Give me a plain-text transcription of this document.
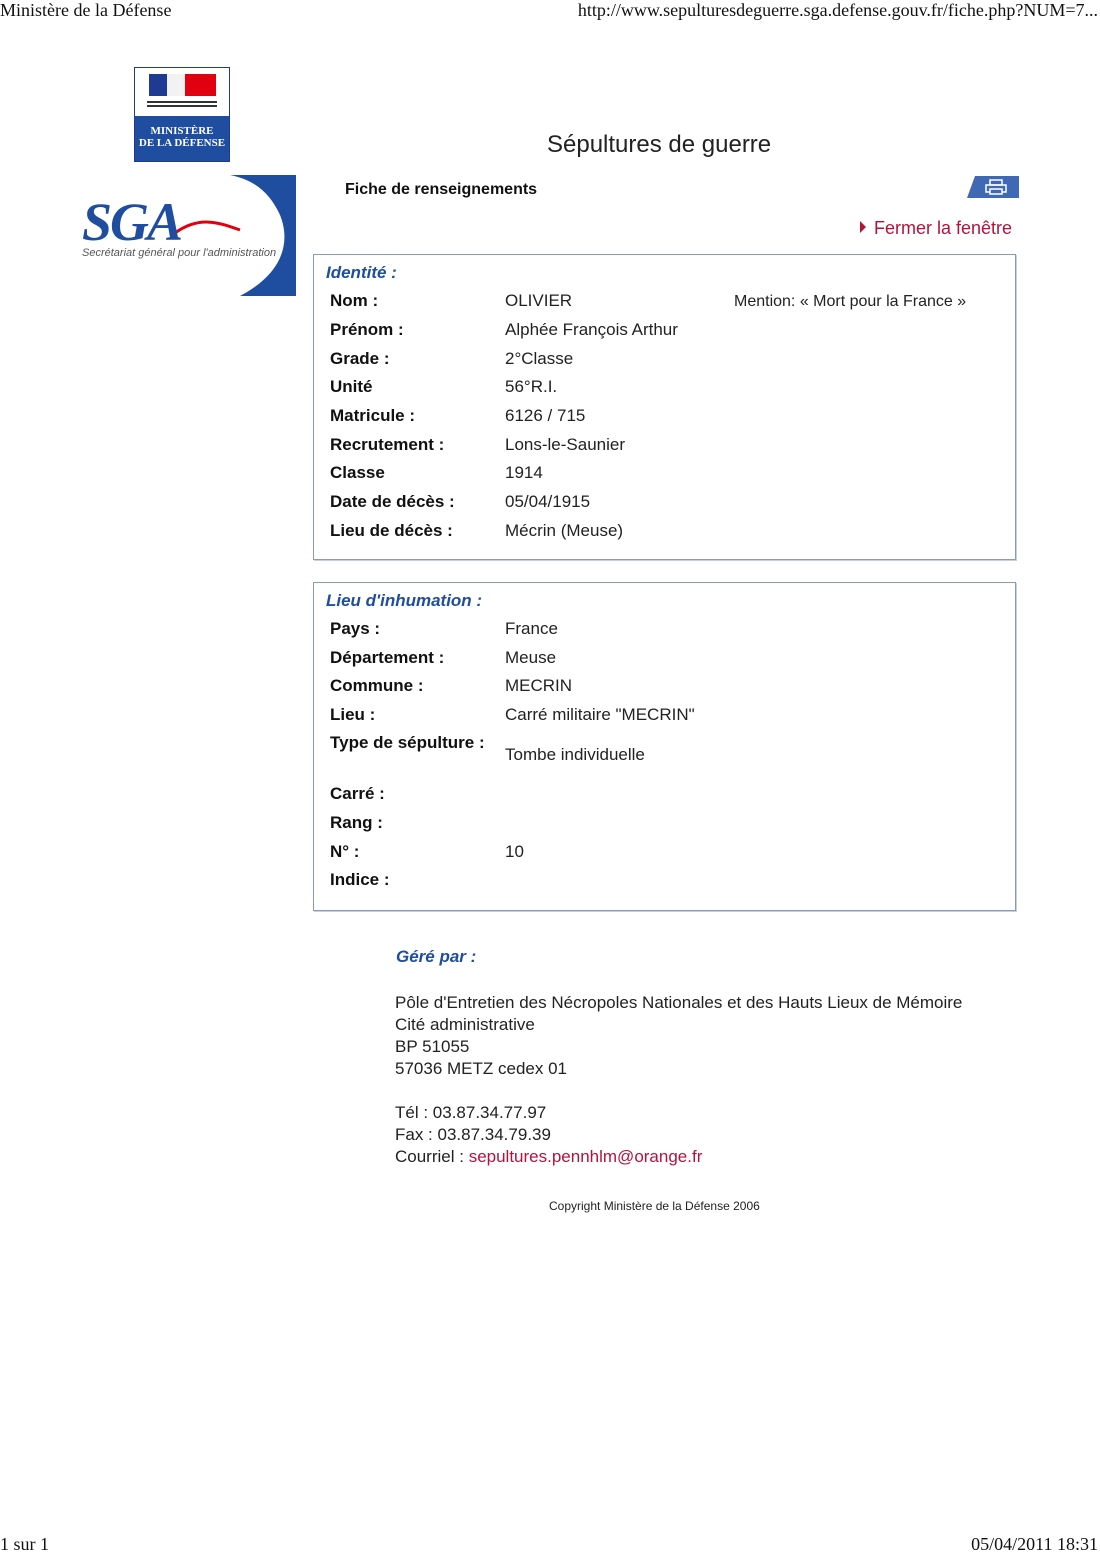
Ministère de la Défense	http://www.sepulturesdeguerre.sga.defense.gouv.fr/fiche.php?NUM=7...
MINISTÈRE
DE LA DÉFENSE
SGA
Secrétariat général pour l'administration
Sépultures de guerre
Fiche de renseignements
Fermer la fenêtre
Identité :
Mention: « Mort pour la France »
Nom :	OLIVIER
Prénom :	Alphée François Arthur
Grade :	2°Classe
Unité	56°R.I.
Matricule :	6126 / 715
Recrutement :	Lons-le-Saunier
Classe	1914
Date de décès :	05/04/1915
Lieu de décès :	Mécrin (Meuse)
Lieu d'inhumation :
Pays :	France
Département :	Meuse
Commune :	MECRIN
Lieu :	Carré militaire "MECRIN"
Type de sépulture :
Tombe individuelle
Carré :
Rang :
N° :	10
Indice :
Géré par :
Pôle d'Entretien des Nécropoles Nationales et des Hauts Lieux de Mémoire
Cité administrative
BP 51055
57036 METZ cedex 01
Tél : 03.87.34.77.97
Fax : 03.87.34.79.39
Courriel : sepultures.pennhlm@orange.fr
Copyright Ministère de la Défense 2006
1 sur 1	05/04/2011 18:31
